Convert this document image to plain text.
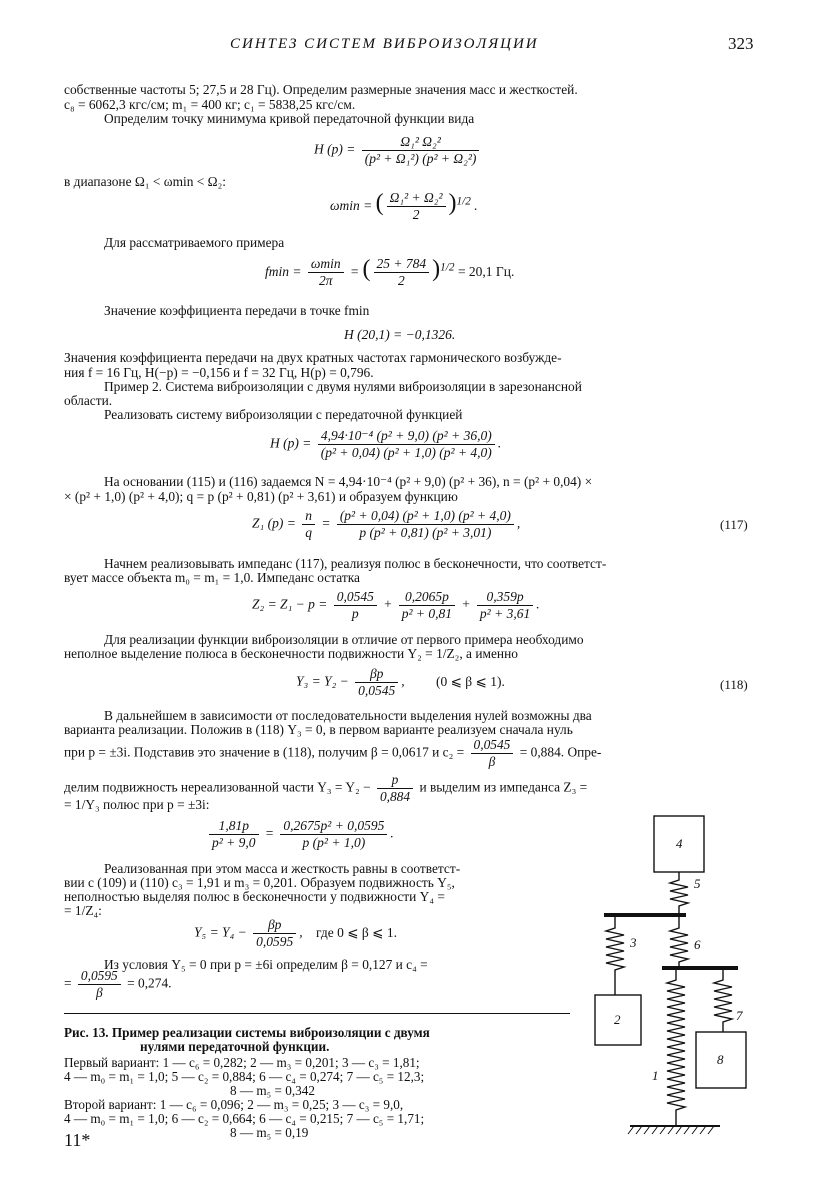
СИНТЕЗ СИСТЕМ ВИБРОИЗОЛЯЦИИ	323
собственные частоты 5; 27,5 и 28 Гц). Определим размерные значения масс и жесткостей.
c₈ = 6062,3 кгс/см; m₁ = 400 кг; c₁ = 5838,25 кгс/см.
Определим точку минимума кривой передаточной функции вида
H $(p) = \frac{\text{Ω₁² Ω₂²}}{\text{(p² + Ω₁²) (p² + Ω₂²)}}$
в диапазоне Ω₁ < ωmin < Ω₂:
ωmin = ( $\frac{\text{Ω₁² + Ω₂²}}{2} )^{1/2}$ .
Для рассматриваемого примера
$fmin = \frac{\omega\min}{2\pi}$ = ( $\frac{25 + 784}{2} )^{1/2} = 20,1$ Гц.
Значение коэффициента передачи в точке fmin
H (20,1) = −0,1326.
Значения коэффициента передачи на двух кратных частотах гармонического возбужде-
ния f = 16 Гц, H(−p) = −0,156 и f = 32 Гц, H(p) = 0,796.
Пример 2. Система виброизоляции с двумя нулями виброизоляции в зарезонансной
области.
Реализовать систему виброизоляции с передаточной функцией
H $(p) = \frac{\text{4,94·10⁻⁴ (p² + 9,0) (p² + 36,0)}}{\text{(p² + 0,04) (p² + 1,0) (p² + 4,0)}}$ .
На основании (115) и (116) задаемся N = 4,94·10⁻⁴ (p² + 9,0) (p² + 36), n = (p² + 0,04) ×
× (p² + 1,0) (p² + 4,0); q = p (p² + 0,81) (p² + 3,61) и образуем функцию
Z₁ $(p) = \frac{n}{q} = \frac{\text{(p² + 0,04) (p² + 1,0) (p² + 4,0)}}{\text{p (p² + 0,81) (p² + 3,01)}}$ ,	(117)
Начнем реализовывать импеданс (117), реализуя полюс в бесконечности, что соответст-
вует массе объекта m₀ = m₁ = 1,0. Импеданс остатка
$Z_2 = Z_1 - p = \frac{0,0545}{p} + \frac{0,2065p}{\text{p² + 0,81}} + \frac{0,359p}{\text{p² + 3,61}}$ .
Для реализации функции виброизоляции в отличие от первого примера необходимо
неполное выделение полюса в бесконечности подвижности Y₂ = 1/Z₂, а именно
$Y_3 = Y_2 - \frac{\beta p}{0,0545}$ , (0 ⩽ β ⩽ 1).	(118)
В дальнейшем в зависимости от последовательности выделения нулей возможны два
варианта реализации. Положив в (118) Y₃ = 0, в первом варианте реализуем сначала нуль
при p = ±3i. Подставив это значение в (118), получим β = 0,0617 и $c_2 = \frac{0,0545}{\beta} = 0,884$. Опре-
делим подвижность нереализованной части $Y_3 = Y_2 - \frac{p}{0,884}$ и выделим из импеданса Z₃ =
= 1/Y₃ полюс при p = ±3i:
$\frac{1,81p}{\text{p² + 9,0}} = \frac{\text{0,2675p² + 0,0595}}{\text{p (p² + 1,0)}}$ .
Реализованная при этом масса и жесткость равны в соответст-
вии с (109) и (110) c₃ = 1,91 и m₃ = 0,201. Образуем подвижность Y₅,
неполностью выделяя полюс в бесконечности у подвижности Y₄ =
= 1/Z₄:
$Y_5 = Y_4 - \frac{\beta p}{0,0595}$ , где 0 ⩽ β ⩽ 1.
Из условия Y₅ = 0 при p = ±6i определим β = 0,127 и c₄ =
= $\frac{0,0595}{\beta} = 0,274$.
Рис. 13. Пример реализации системы виброизоляции с двумя
нулями передаточной функции.
Первый вариант: 1 — c₆ = 0,282; 2 — m₃ = 0,201; 3 — c₃ = 1,81;
4 — m₀ = m₁ = 1,0; 5 — c₂ = 0,884; 6 — c₄ = 0,274; 7 — c₅ = 12,3;
8 — m₅ = 0,342
Второй вариант: 1 — c₆ = 0,096; 2 — m₃ = 0,25; 3 — c₃ = 9,0,
4 — m₀ = m₁ = 1,0; 6 — c₂ = 0,664; 6 — c₄ = 0,215; 7 — c₅ = 1,71;
8 — m₅ = 0,19
4
5
3	6
2	7
1
8
11*
